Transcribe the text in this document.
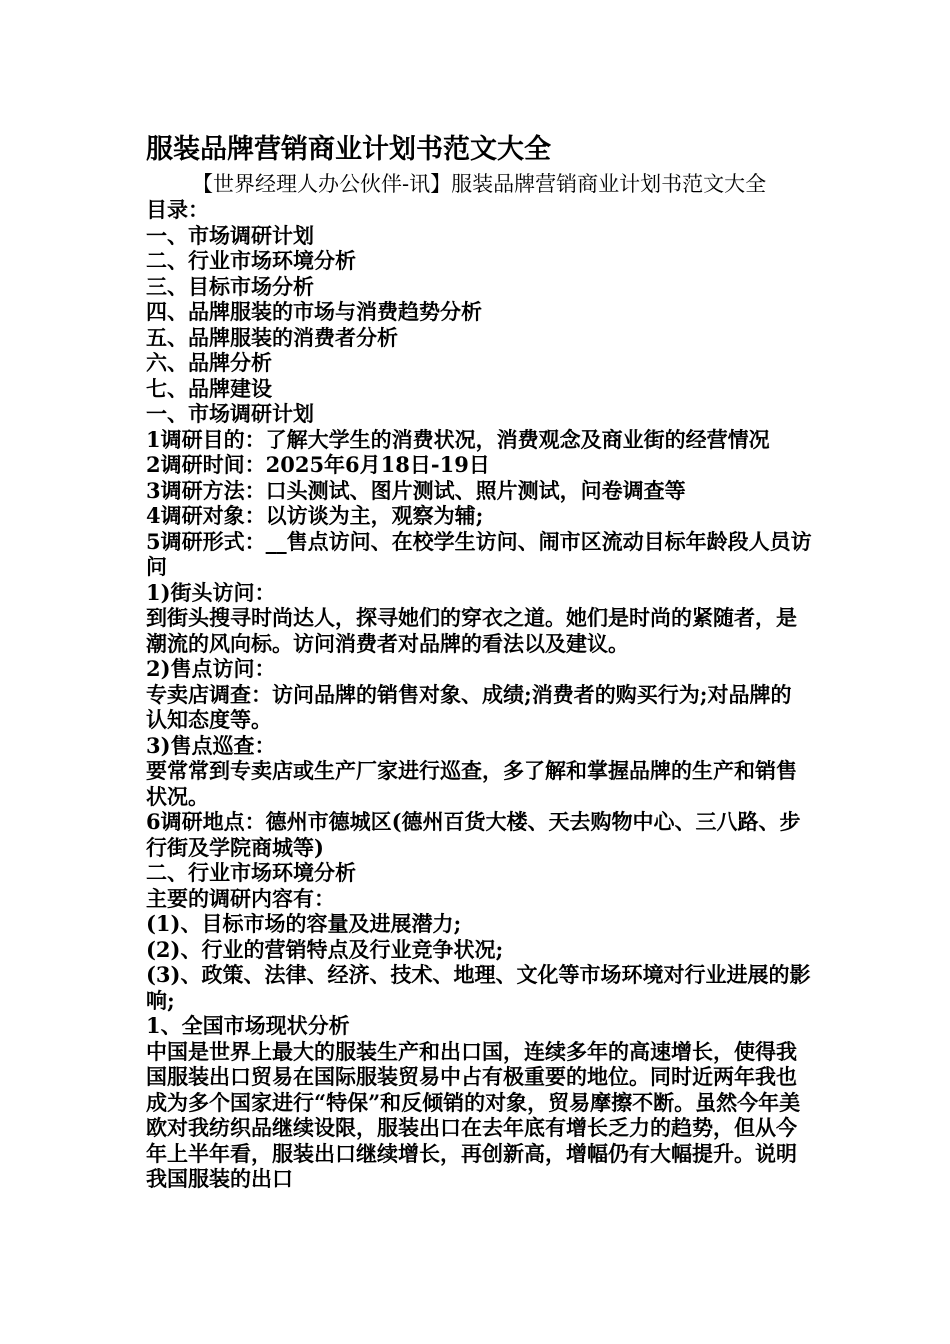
服装品牌营销商业计划书范文大全

【世界经理人办公伙伴-讯】服装品牌营销商业计划书范文大全

目录：

一、市场调研计划

二、行业市场环境分析

三、目标市场分析

四、品牌服装的市场与消费趋势分析

五、品牌服装的消费者分析

六、品牌分析

七、品牌建设

一、市场调研计划

1调研目的：了解大学生的消费状况，消费观念及商业街的经营情况

2调研时间：2025年6月18日-19日

3调研方法：口头测试、图片测试、照片测试，问卷调查等

4调研对象：以访谈为主，观察为辅;

5调研形式：__售点访问、在校学生访问、闹市区流动目标年龄段人员访问

1)街头访问：

到街头搜寻时尚达人，探寻她们的穿衣之道。她们是时尚的紧随者，是潮流的风向标。访问消费者对品牌的看法以及建议。

2)售点访问：

专卖店调查：访问品牌的销售对象、成绩;消费者的购买行为;对品牌的认知态度等。

3)售点巡查：

要常常到专卖店或生产厂家进行巡查，多了解和掌握品牌的生产和销售状况。

6调研地点：德州市德城区(德州百货大楼、天去购物中心、三八路、步行街及学院商城等)

二、行业市场环境分析

主要的调研内容有：

(1)、目标市场的容量及进展潜力;

(2)、行业的营销特点及行业竞争状况;

(3)、政策、法律、经济、技术、地理、文化等市场环境对行业进展的影响;

1、全国市场现状分析

中国是世界上最大的服装生产和出口国，连续多年的高速增长，使得我国服装出口贸易在国际服装贸易中占有极重要的地位。同时近两年我也成为多个国家进行“特保”和反倾销的对象，贸易摩擦不断。虽然今年美欧对我纺织品继续设限，服装出口在去年底有增长乏力的趋势，但从今年上半年看，服装出口继续增长，再创新高，增幅仍有大幅提升。说明我国服装的出口
